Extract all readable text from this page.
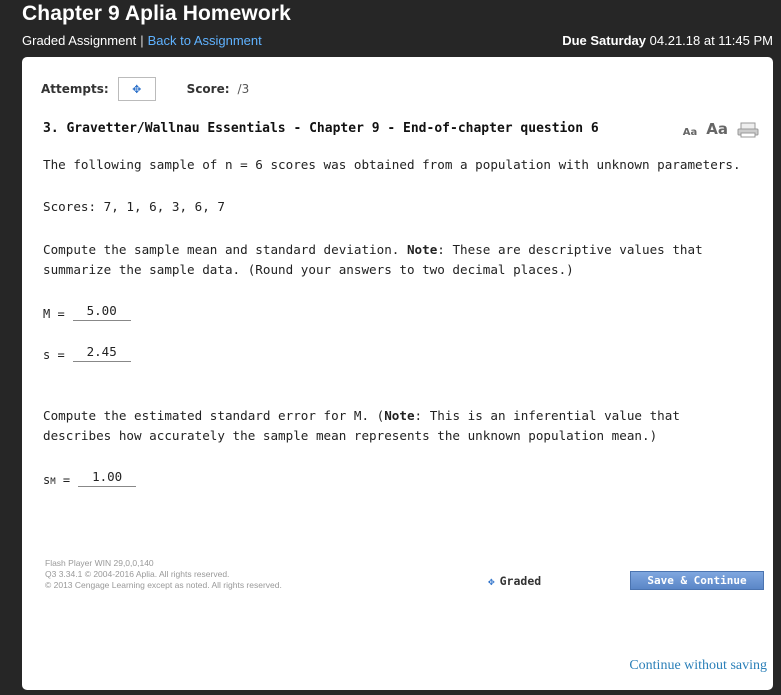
Chapter 9 Aplia Homework
Graded Assignment | Back to Assignment	Due Saturday 04.21.18 at 11:45 PM
Attempts: ✥	Score: /3
3. Gravetter/Wallnau Essentials - Chapter 9 - End-of-chapter question 6	Aa Aa
The following sample of n = 6 scores was obtained from a population with unknown parameters.
Scores: 7, 1, 6, 3, 6, 7
Compute the sample mean and standard deviation. Note: These are descriptive values that summarize the sample data. (Round your answers to two decimal places.)
M =	5.00
s =	2.45
Compute the estimated standard error for M. (Note: This is an inferential value that describes how accurately the sample mean represents the unknown population mean.)
sM =	1.00
Flash Player WIN 29,0,0,140
Q3 3.34.1 © 2004-2016 Aplia. All rights reserved.
© 2013 Cengage Learning except as noted. All rights reserved.	✥ Graded	Save & Continue
Continue without saving
